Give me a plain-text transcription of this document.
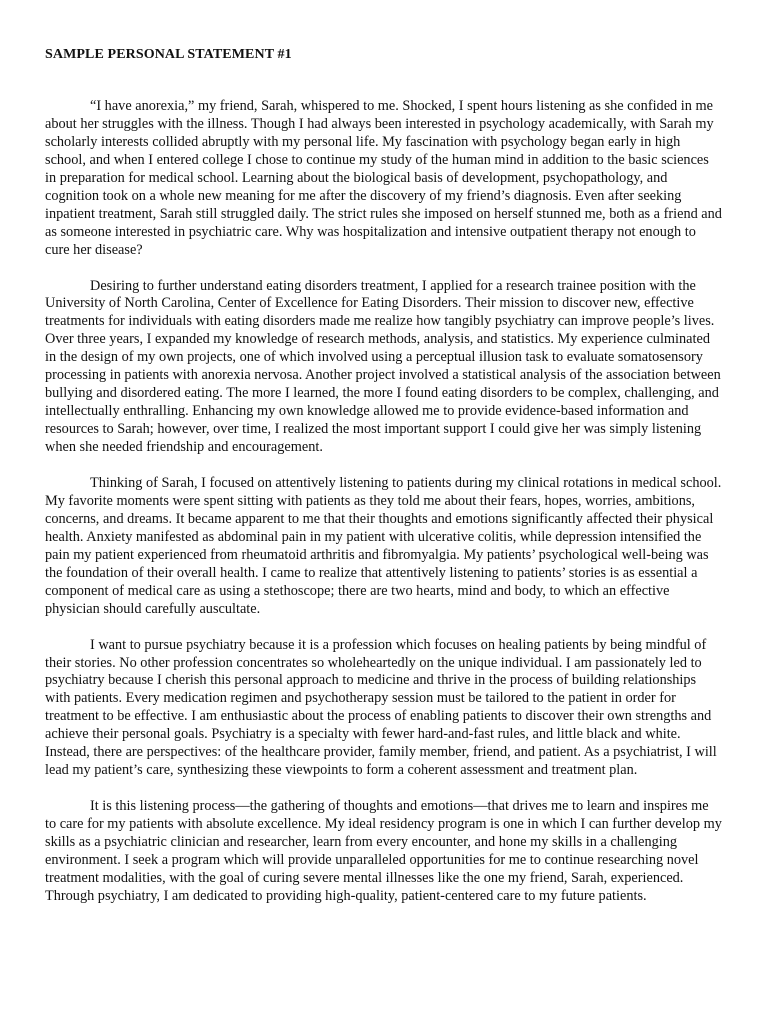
SAMPLE PERSONAL STATEMENT #1

“I have anorexia,” my friend, Sarah, whispered to me. Shocked, I spent hours listening as she confided in me about her struggles with the illness. Though I had always been interested in psychology academically, with Sarah my scholarly interests collided abruptly with my personal life. My fascination with psychology began early in high school, and when I entered college I chose to continue my study of the human mind in addition to the basic sciences in preparation for medical school. Learning about the biological basis of development, psychopathology, and cognition took on a whole new meaning for me after the discovery of my friend’s diagnosis. Even after seeking inpatient treatment, Sarah still struggled daily. The strict rules she imposed on herself stunned me, both as a friend and as someone interested in psychiatric care. Why was hospitalization and intensive outpatient therapy not enough to cure her disease?

Desiring to further understand eating disorders treatment, I applied for a research trainee position with the University of North Carolina, Center of Excellence for Eating Disorders. Their mission to discover new, effective treatments for individuals with eating disorders made me realize how tangibly psychiatry can improve people’s lives. Over three years, I expanded my knowledge of research methods, analysis, and statistics. My experience culminated in the design of my own projects, one of which involved using a perceptual illusion task to evaluate somatosensory processing in patients with anorexia nervosa. Another project involved a statistical analysis of the association between bullying and disordered eating. The more I learned, the more I found eating disorders to be complex, challenging, and intellectually enthralling. Enhancing my own knowledge allowed me to provide evidence-based information and resources to Sarah; however, over time, I realized the most important support I could give her was simply listening when she needed friendship and encouragement.

Thinking of Sarah, I focused on attentively listening to patients during my clinical rotations in medical school. My favorite moments were spent sitting with patients as they told me about their fears, hopes, worries, ambitions, concerns, and dreams. It became apparent to me that their thoughts and emotions significantly affected their physical health. Anxiety manifested as abdominal pain in my patient with ulcerative colitis, while depression intensified the pain my patient experienced from rheumatoid arthritis and fibromyalgia. My patients’ psychological well-being was the foundation of their overall health. I came to realize that attentively listening to patients’ stories is as essential a component of medical care as using a stethoscope; there are two hearts, mind and body, to which an effective physician should carefully auscultate.

I want to pursue psychiatry because it is a profession which focuses on healing patients by being mindful of their stories. No other profession concentrates so wholeheartedly on the unique individual. I am passionately led to psychiatry because I cherish this personal approach to medicine and thrive in the process of building relationships with patients. Every medication regimen and psychotherapy session must be tailored to the patient in order for treatment to be effective. I am enthusiastic about the process of enabling patients to discover their own strengths and achieve their personal goals. Psychiatry is a specialty with fewer hard-and-fast rules, and little black and white. Instead, there are perspectives: of the healthcare provider, family member, friend, and patient. As a psychiatrist, I will lead my patient’s care, synthesizing these viewpoints to form a coherent assessment and treatment plan.

It is this listening process—the gathering of thoughts and emotions—that drives me to learn and inspires me to care for my patients with absolute excellence. My ideal residency program is one in which I can further develop my skills as a psychiatric clinician and researcher, learn from every encounter, and hone my skills in a challenging environment. I seek a program which will provide unparalleled opportunities for me to continue researching novel treatment modalities, with the goal of curing severe mental illnesses like the one my friend, Sarah, experienced. Through psychiatry, I am dedicated to providing high-quality, patient-centered care to my future patients.
